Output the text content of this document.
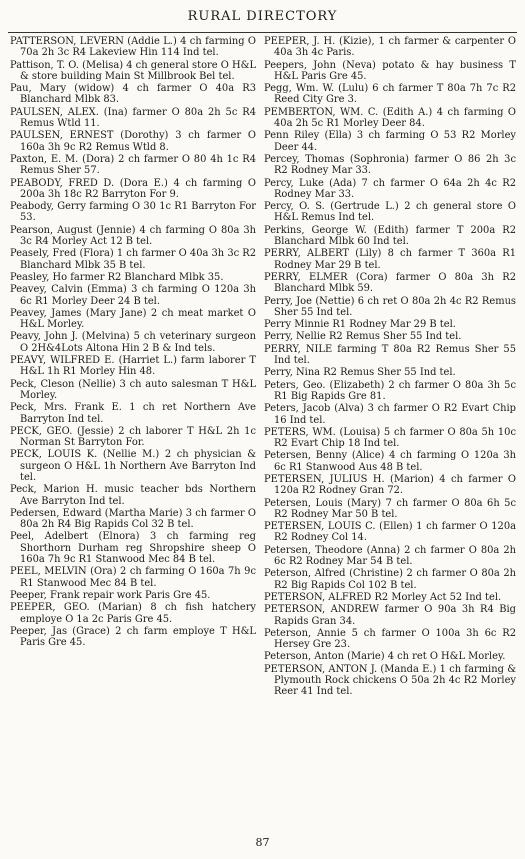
RURAL DIRECTORY

PATTERSON, LEVERN (Addie L.) 4 ch farming O 70a 2h 3c R4 Lakeview Hin 114 Ind tel.

Pattison, T. O. (Melisa) 4 ch general store O H&L & store building Main St Millbrook Bel tel.

Pau, Mary (widow) 4 ch farmer O 40a R3 Blanchard Mlbk 83.

PAULSEN, ALEX. (Ina) farmer O 80a 2h 5c R4 Remus Wtld 11.

PAULSEN, ERNEST (Dorothy) 3 ch farmer O 160a 3h 9c R2 Remus Wtld 8.

Paxton, E. M. (Dora) 2 ch farmer O 80 4h 1c R4 Remus Sher 57.

PEABODY, FRED D. (Dora E.) 4 ch farming O 200a 3h 18c R2 Barryton For 9.

Peabody, Gerry farming O 30 1c R1 Barryton For 53.

Pearson, August (Jennie) 4 ch farming O 80a 3h 3c R4 Morley Act 12 B tel.

Peasely, Fred (Flora) 1 ch farmer O 40a 3h 3c R2 Blanchard Mlbk 35 B tel.

Peasley, Ho farmer R2 Blanchard Mlbk 35.

Peavey, Calvin (Emma) 3 ch farming O 120a 3h 6c R1 Morley Deer 24 B tel.

Peavey, James (Mary Jane) 2 ch meat market O H&L Morley.

Peavy, John J. (Melvina) 5 ch veterinary surgeon O 2H&4Lots Altona Hin 2 B & Ind tels.

PEAVY, WILFRED E. (Harriet L.) farm laborer T H&L 1h R1 Morley Hin 48.

Peck, Cleson (Nellie) 3 ch auto salesman T H&L Morley.

Peck, Mrs. Frank E. 1 ch ret Northern Ave Barryton Ind tel.

PECK, GEO. (Jessie) 2 ch laborer T H&L 2h 1c Norman St Barryton For.

PECK, LOUIS K. (Nellie M.) 2 ch physician & surgeon O H&L 1h Northern Ave Barryton Ind tel.

Peck, Marion H. music teacher bds Northern Ave Barryton Ind tel.

Pedersen, Edward (Martha Marie) 3 ch farmer O 80a 2h R4 Big Rapids Col 32 B tel.

Peel, Adelbert (Elnora) 3 ch farming reg Shorthorn Durham reg Shropshire sheep O 160a 7h 9c R1 Stanwood Mec 84 B tel.

PEEL, MELVIN (Ora) 2 ch farming O 160a 7h 9c R1 Stanwood Mec 84 B tel.

Peeper, Frank repair work Paris Gre 45.

PEEPER, GEO. (Marian) 8 ch fish hatchery employe O 1a 2c Paris Gre 45.

Peeper, Jas (Grace) 2 ch farm employe T H&L Paris Gre 45.

PEEPER, J. H. (Kizie), 1 ch farmer & carpenter O 40a 3h 4c Paris.

Peepers, John (Neva) potato & hay business T H&L Paris Gre 45.

Pegg, Wm. W. (Lulu) 6 ch farmer T 80a 7h 7c R2 Reed City Gre 3.

PEMBERTON, WM. C. (Edith A.) 4 ch farming O 40a 2h 5c R1 Morley Deer 84.

Penn Riley (Ella) 3 ch farming O 53 R2 Morley Deer 44.

Percey, Thomas (Sophronia) farmer O 86 2h 3c R2 Rodney Mar 33.

Percy, Luke (Ada) 7 ch farmer O 64a 2h 4c R2 Rodney Mar 33.

Percy, O. S. (Gertrude L.) 2 ch general store O H&L Remus Ind tel.

Perkins, George W. (Edith) farmer T 200a R2 Blanchard Mlbk 60 Ind tel.

PERRY, ALBERT (Lily) 8 ch farmer T 360a R1 Rodney Mar 29 B tel.

PERRY, ELMER (Cora) farmer O 80a 3h R2 Blanchard Mlbk 59.

Perry, Joe (Nettie) 6 ch ret O 80a 2h 4c R2 Remus Sher 55 Ind tel.

Perry Minnie R1 Rodney Mar 29 B tel.

Perry, Nellie R2 Remus Sher 55 Ind tel.

PERRY, NILE farming T 80a R2 Remus Sher 55 Ind tel.

Perry, Nina R2 Remus Sher 55 Ind tel.

Peters, Geo. (Elizabeth) 2 ch farmer O 80a 3h 5c R1 Big Rapids Gre 81.

Peters, Jacob (Alva) 3 ch farmer O R2 Evart Chip 16 Ind tel.

PETERS, WM. (Louisa) 5 ch farmer O 80a 5h 10c R2 Evart Chip 18 Ind tel.

Petersen, Benny (Alice) 4 ch farming O 120a 3h 6c R1 Stanwood Aus 48 B tel.

PETERSEN, JULIUS H. (Marion) 4 ch farmer O 120a R2 Rodney Gran 72.

Petersen, Louis (Mary) 7 ch farmer O 80a 6h 5c R2 Rodney Mar 50 B tel.

PETERSEN, LOUIS C. (Ellen) 1 ch farmer O 120a R2 Rodney Col 14.

Petersen, Theodore (Anna) 2 ch farmer O 80a 2h 6c R2 Rodney Mar 54 B tel.

Peterson, Alfred (Christine) 2 ch farmer O 80a 2h R2 Big Rapids Col 102 B tel.

PETERSON, ALFRED R2 Morley Act 52 Ind tel.

PETERSON, ANDREW farmer O 90a 3h R4 Big Rapids Gran 34.

Peterson, Annie 5 ch farmer O 100a 3h 6c R2 Hersey Gre 23.

Peterson, Anton (Marie) 4 ch ret O H&L Morley.

PETERSON, ANTON J. (Manda E.) 1 ch farming & Plymouth Rock chickens O 50a 2h 4c R2 Morley Reer 41 Ind tel.

87
